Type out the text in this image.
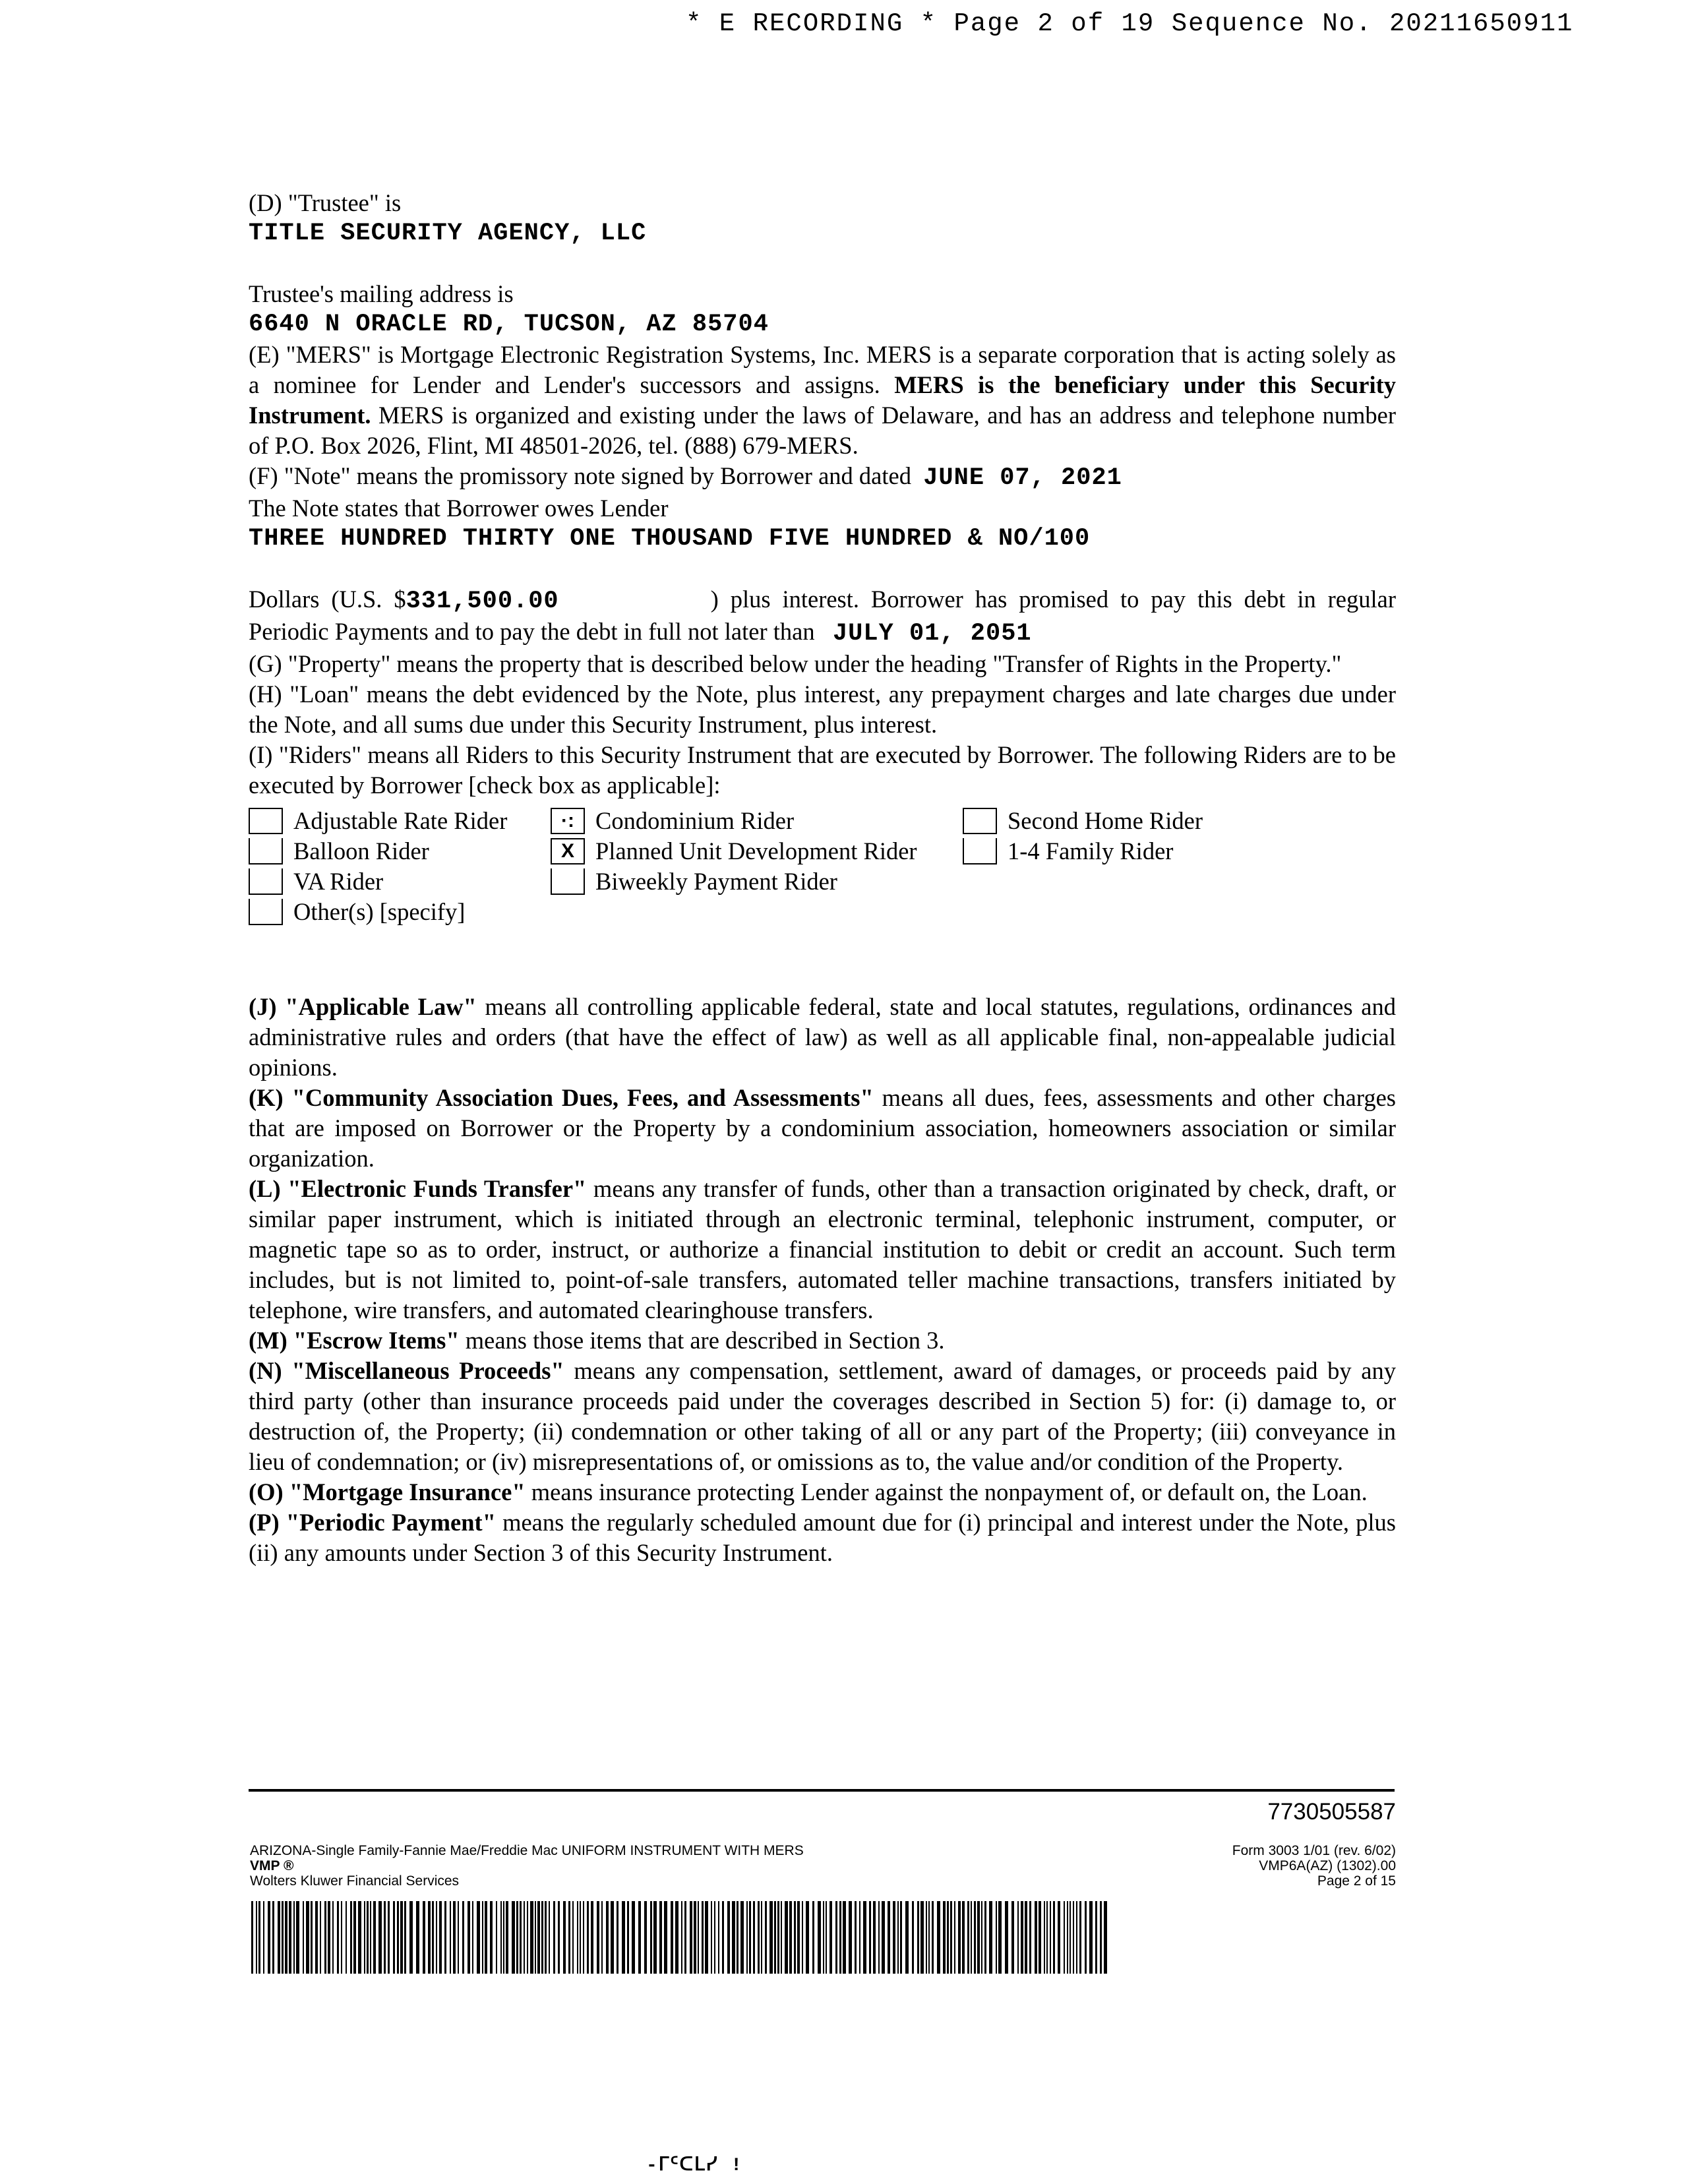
* E RECORDING * Page 2 of 19 Sequence No. 20211650911

(D) "Trustee" is

TITLE SECURITY AGENCY, LLC

Trustee's mailing address is

6640 N ORACLE RD, TUCSON, AZ 85704

(E) "MERS" is Mortgage Electronic Registration Systems, Inc. MERS is a separate corporation that is acting solely as a nominee for Lender and Lender's successors and assigns. MERS is the beneficiary under this Security Instrument. MERS is organized and existing under the laws of Delaware, and has an address and telephone number of P.O. Box 2026, Flint, MI 48501-2026, tel. (888) 679-MERS.

(F) "Note" means the promissory note signed by Borrower and dated JUNE 07, 2021

The Note states that Borrower owes Lender

THREE HUNDRED THIRTY ONE THOUSAND FIVE HUNDRED & NO/100

Dollars (U.S. $331,500.00	) plus interest. Borrower has promised to pay this debt in regular Periodic Payments and to pay the debt in full not later than JULY 01, 2051

(G) "Property" means the property that is described below under the heading "Transfer of Rights in the Property."

(H) "Loan" means the debt evidenced by the Note, plus interest, any prepayment charges and late charges due under the Note, and all sums due under this Security Instrument, plus interest.

(I) "Riders" means all Riders to this Security Instrument that are executed by Borrower. The following Riders are to be executed by Borrower [check box as applicable]:

Adjustable Rate Rider	·: Condominium Rider	Second Home Rider
Balloon Rider	X Planned Unit Development Rider	1-4 Family Rider
VA Rider	Biweekly Payment Rider
Other(s) [specify]

(J) "Applicable Law" means all controlling applicable federal, state and local statutes, regulations, ordinances and administrative rules and orders (that have the effect of law) as well as all applicable final, non-appealable judicial opinions.

(K) "Community Association Dues, Fees, and Assessments" means all dues, fees, assessments and other charges that are imposed on Borrower or the Property by a condominium association, homeowners association or similar organization.

(L) "Electronic Funds Transfer" means any transfer of funds, other than a transaction originated by check, draft, or similar paper instrument, which is initiated through an electronic terminal, telephonic instrument, computer, or magnetic tape so as to order, instruct, or authorize a financial institution to debit or credit an account. Such term includes, but is not limited to, point-of-sale transfers, automated teller machine transactions, transfers initiated by telephone, wire transfers, and automated clearinghouse transfers.

(M) "Escrow Items" means those items that are described in Section 3.

(N) "Miscellaneous Proceeds" means any compensation, settlement, award of damages, or proceeds paid by any third party (other than insurance proceeds paid under the coverages described in Section 5) for: (i) damage to, or destruction of, the Property; (ii) condemnation or other taking of all or any part of the Property; (iii) conveyance in lieu of condemnation; or (iv) misrepresentations of, or omissions as to, the value and/or condition of the Property.

(O) "Mortgage Insurance" means insurance protecting Lender against the nonpayment of, or default on, the Loan.

(P) "Periodic Payment" means the regularly scheduled amount due for (i) principal and interest under the Note, plus (ii) any amounts under Section 3 of this Security Instrument.

7730505587
ARIZONA-Single Family-Fannie Mae/Freddie Mac UNIFORM INSTRUMENT WITH MERS
VMP ®
Wolters Kluwer Financial Services
Form 3003 1/01 (rev. 6/02)
VMP6A(AZ) (1302).00
Page 2 of 15
-ᒥᑦᑕᒪᓯ !
